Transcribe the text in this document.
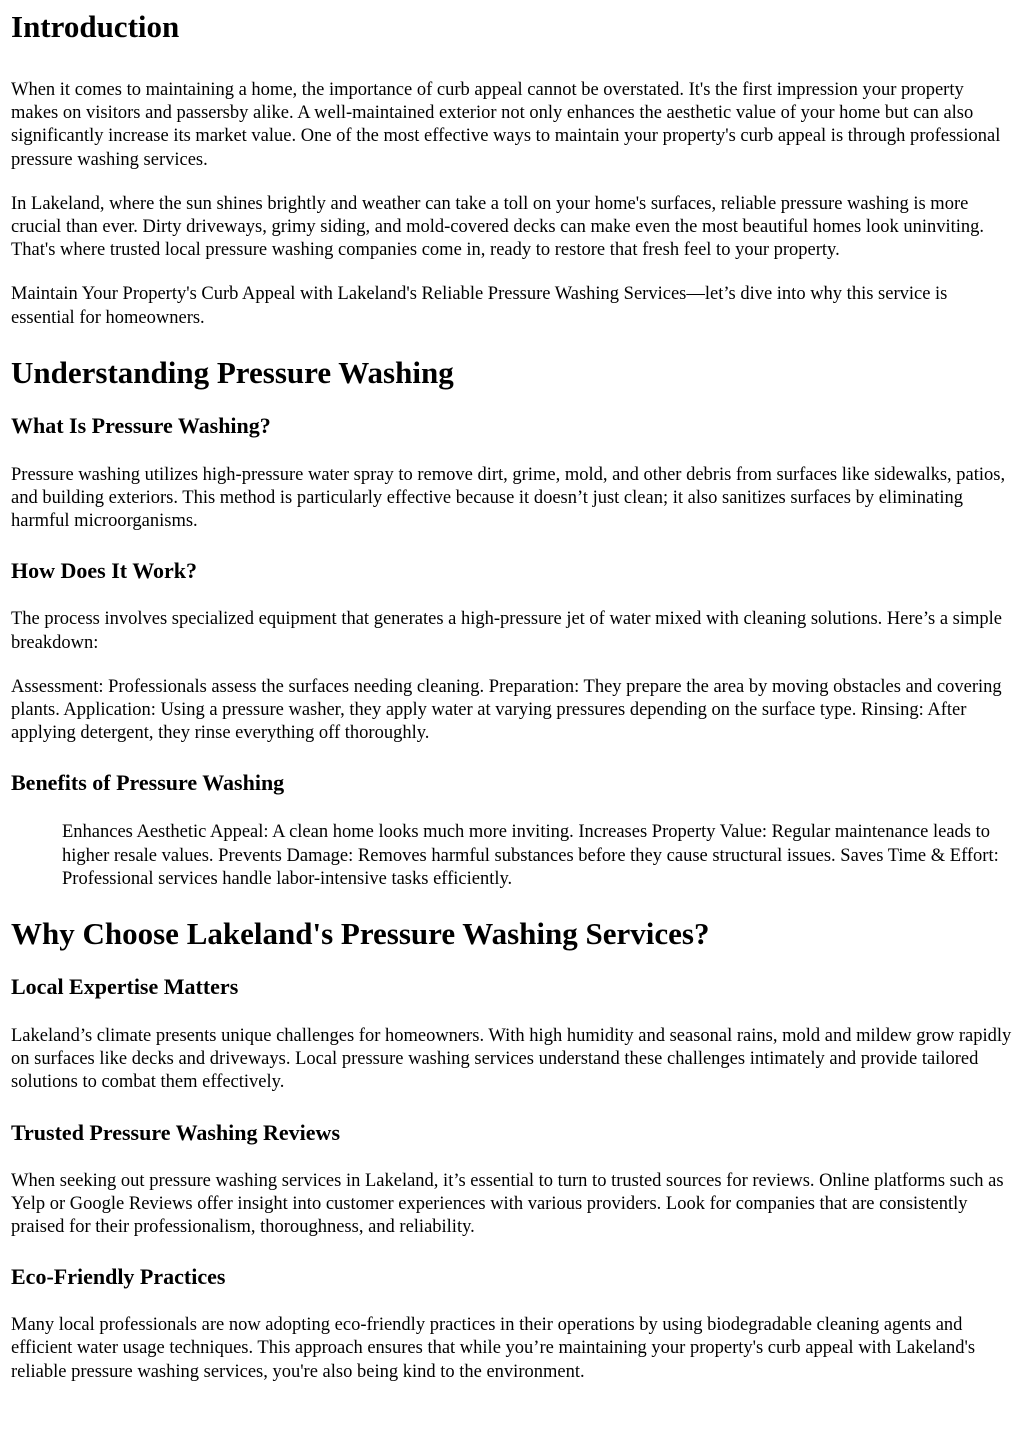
Introduction

When it comes to maintaining a home, the importance of curb appeal cannot be overstated. It's the first impression your property makes on visitors and passersby alike. A well-maintained exterior not only enhances the aesthetic value of your home but can also significantly increase its market value. One of the most effective ways to maintain your property's curb appeal is through professional pressure washing services.

In Lakeland, where the sun shines brightly and weather can take a toll on your home's surfaces, reliable pressure washing is more crucial than ever. Dirty driveways, grimy siding, and mold-covered decks can make even the most beautiful homes look uninviting. That's where trusted local pressure washing companies come in, ready to restore that fresh feel to your property.

Maintain Your Property's Curb Appeal with Lakeland's Reliable Pressure Washing Services—let’s dive into why this service is essential for homeowners.

Understanding Pressure Washing
What Is Pressure Washing?

Pressure washing utilizes high-pressure water spray to remove dirt, grime, mold, and other debris from surfaces like sidewalks, patios, and building exteriors. This method is particularly effective because it doesn’t just clean; it also sanitizes surfaces by eliminating harmful microorganisms.

How Does It Work?

The process involves specialized equipment that generates a high-pressure jet of water mixed with cleaning solutions. Here’s a simple breakdown:

Assessment: Professionals assess the surfaces needing cleaning. Preparation: They prepare the area by moving obstacles and covering plants. Application: Using a pressure washer, they apply water at varying pressures depending on the surface type. Rinsing: After applying detergent, they rinse everything off thoroughly.

Benefits of Pressure Washing
Enhances Aesthetic Appeal: A clean home looks much more inviting. Increases Property Value: Regular maintenance leads to higher resale values. Prevents Damage: Removes harmful substances before they cause structural issues. Saves Time & Effort: Professional services handle labor-intensive tasks efficiently.
Why Choose Lakeland's Pressure Washing Services?
Local Expertise Matters

Lakeland’s climate presents unique challenges for homeowners. With high humidity and seasonal rains, mold and mildew grow rapidly on surfaces like decks and driveways. Local pressure washing services understand these challenges intimately and provide tailored solutions to combat them effectively.

Trusted Pressure Washing Reviews

When seeking out pressure washing services in Lakeland, it’s essential to turn to trusted sources for reviews. Online platforms such as Yelp or Google Reviews offer insight into customer experiences with various providers. Look for companies that are consistently praised for their professionalism, thoroughness, and reliability.

Eco-Friendly Practices

Many local professionals are now adopting eco-friendly practices in their operations by using biodegradable cleaning agents and efficient water usage techniques. This approach ensures that while you’re maintaining your property's curb appeal with Lakeland's reliable pressure washing services, you're also being kind to the environment.
